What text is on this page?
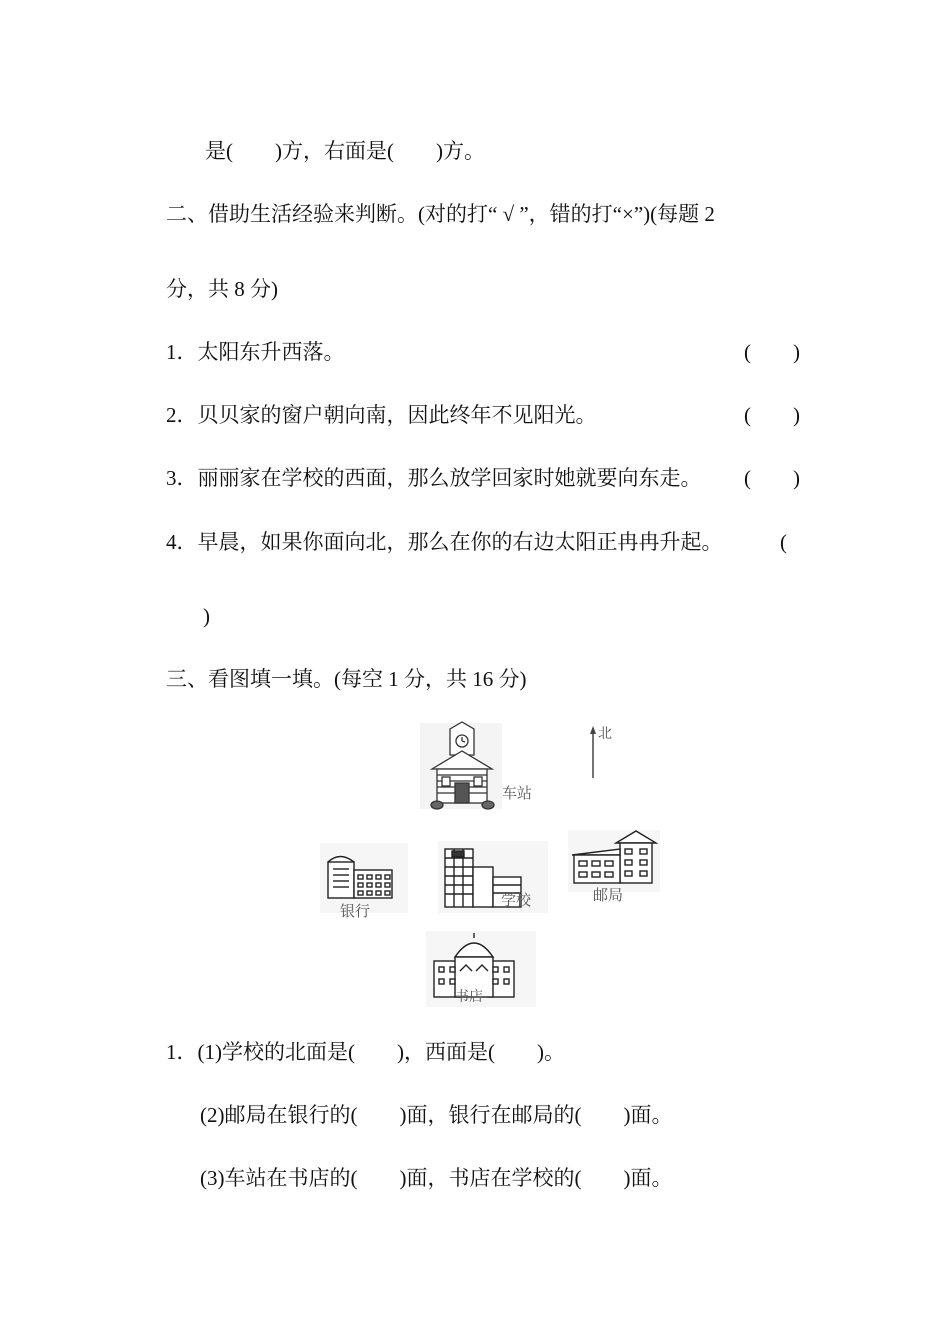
是(　　)方，右面是(　　)方。
二、借助生活经验来判断。(对的打“ √ ”，错的打“×”)(每题 2
分，共 8 分)
1．太阳东升西落。	(　　)
2．贝贝家的窗户朝向南，因此终年不见阳光。	(　　)
3．丽丽家在学校的西面，那么放学回家时她就要向东走。 (　　)
4．早晨，如果你面向北，那么在你的右边太阳正冉冉升起。	(
)
三、看图填一填。(每空 1 分，共 16 分)
北
车站
银行
学校	邮局
书店
1．(1)学校的北面是(　　)，西面是(　　)。
(2)邮局在银行的(　　)面，银行在邮局的(　　)面。
(3)车站在书店的(　　)面，书店在学校的(　　)面。
